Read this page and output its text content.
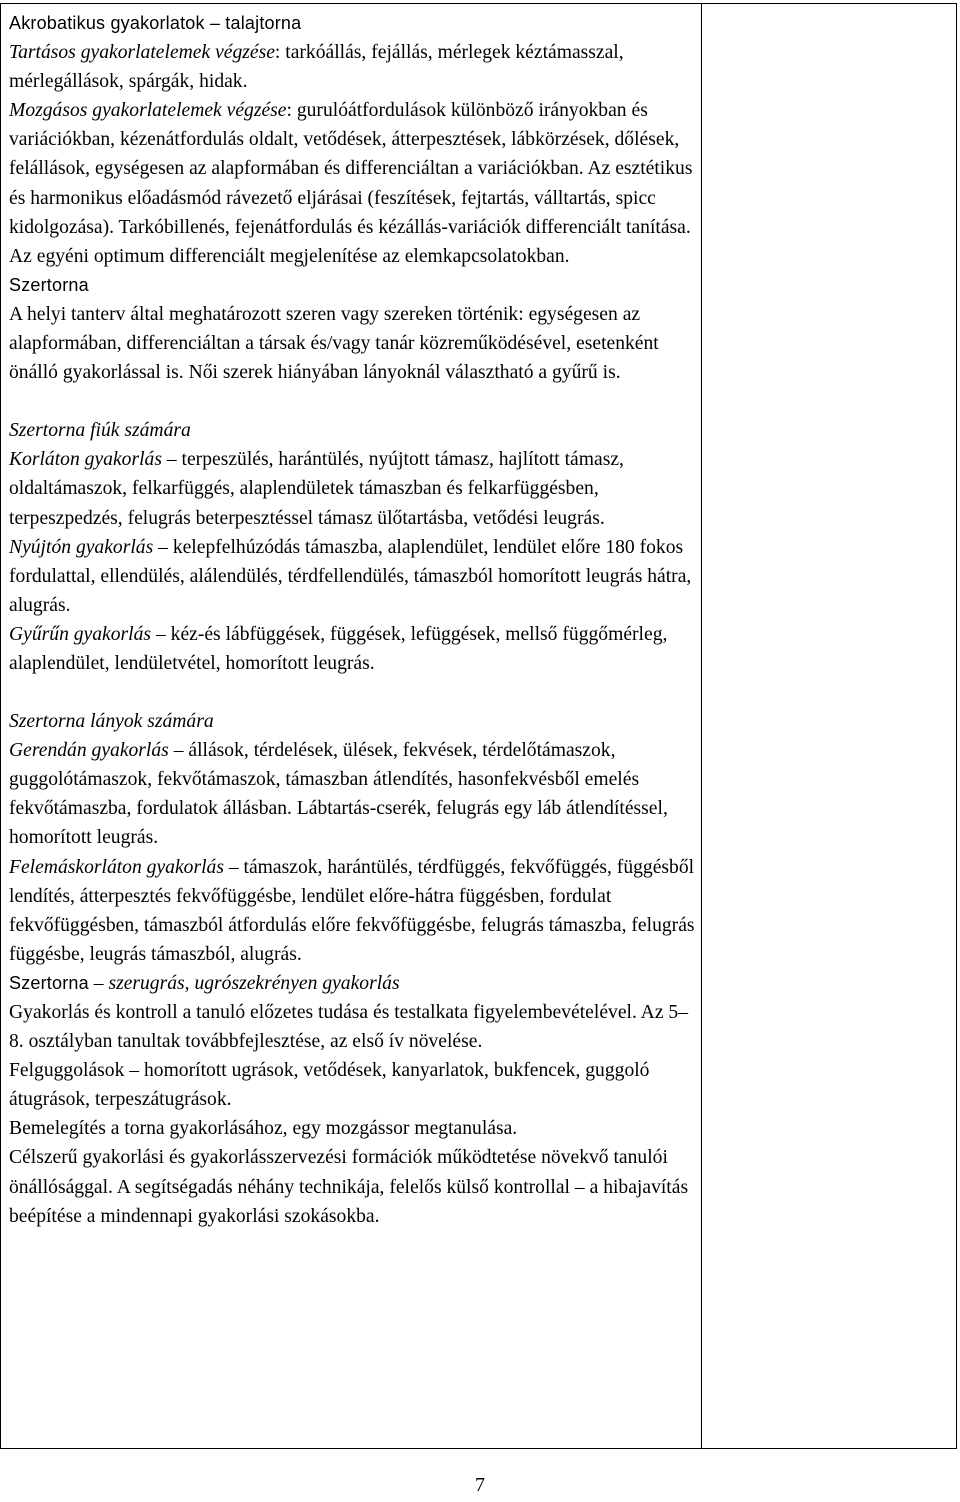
Akrobatikus gyakorlatok – talajtorna

Tartásos gyakorlatelemek végzése: tarkóállás, fejállás, mérlegek kéztámasszal, mérlegállások, spárgák, hidak.

Mozgásos gyakorlatelemek végzése: gurulóátfordulások különböző irányokban és variációkban, kézenátfordulás oldalt, vetődések, átterpesztések, lábkörzések, dőlések, felállások, egységesen az alapformában és differenciáltan a variációkban. Az esztétikus és harmonikus előadásmód rávezető eljárásai (feszítések, fejtartás, válltartás, spicc kidolgozása). Tarkóbillenés, fejenátfordulás és kézállás-variációk differenciált tanítása.

Az egyéni optimum differenciált megjelenítése az elemkapcsolatokban.

Szertorna

A helyi tanterv által meghatározott szeren vagy szereken történik: egységesen az alapformában, differenciáltan a társak és/vagy tanár közreműködésével, esetenként önálló gyakorlással is. Női szerek hiányában lányoknál választható a gyűrű is.

Szertorna fiúk számára

Korláton gyakorlás – terpeszülés, harántülés, nyújtott támasz, hajlított támasz, oldaltámaszok, felkarfüggés, alaplendületek támaszban és felkarfüggésben, terpeszpedzés, felugrás beterpesztéssel támasz ülőtartásba, vetődési leugrás.

Nyújtón gyakorlás – kelepfelhúzódás támaszba, alaplendület, lendület előre 180 fokos fordulattal, ellendülés, alálendülés, térdfellendülés, támaszból homorított leugrás hátra, alugrás.

Gyűrűn gyakorlás – kéz-és lábfüggések, függések, lefüggések, mellső függőmérleg, alaplendület, lendületvétel, homorított leugrás.

Szertorna lányok számára

Gerendán gyakorlás – állások, térdelések, ülések, fekvések, térdelőtámaszok, guggolótámaszok, fekvőtámaszok, támaszban átlendítés, hasonfekvésből emelés fekvőtámaszba, fordulatok állásban. Lábtartás-cserék, felugrás egy láb átlendítéssel, homorított leugrás.

Felemáskorláton gyakorlás – támaszok, harántülés, térdfüggés, fekvőfüggés, függésből lendítés, átterpesztés fekvőfüggésbe, lendület előre-hátra függésben, fordulat fekvőfüggésben, támaszból átfordulás előre fekvőfüggésbe, felugrás támaszba, felugrás függésbe, leugrás támaszból, alugrás.

Szertorna – szerugrás, ugrószekrényen gyakorlás

Gyakorlás és kontroll a tanuló előzetes tudása és testalkata figyelembevételével. Az 5–8. osztályban tanultak továbbfejlesztése, az első ív növelése.

Felguggolások – homorított ugrások, vetődések, kanyarlatok, bukfencek, guggoló átugrások, terpeszátugrások.

Bemelegítés a torna gyakorlásához, egy mozgássor megtanulása.

Célszerű gyakorlási és gyakorlásszervezési formációk működtetése növekvő tanulói önállósággal. A segítségadás néhány technikája, felelős külső kontrollal – a hibajavítás beépítése a mindennapi gyakorlási szokásokba.

7
